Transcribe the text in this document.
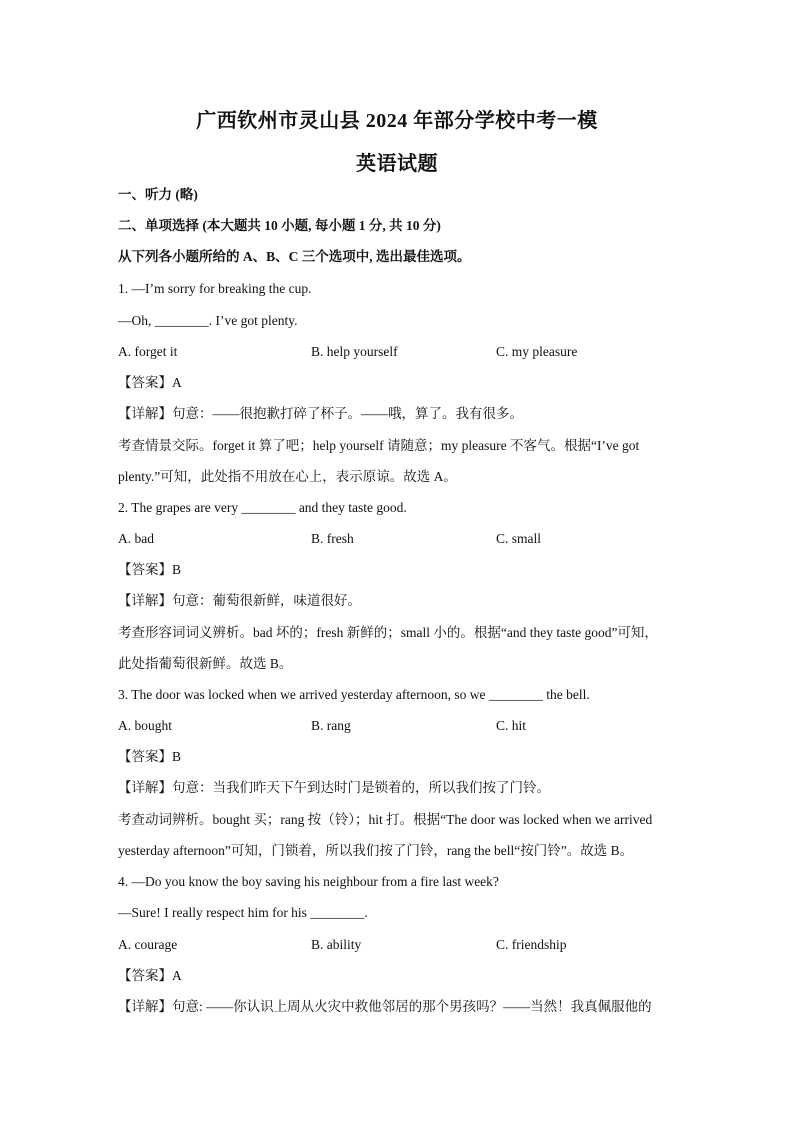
广西钦州市灵山县 2024 年部分学校中考一模
英语试题
一、听力 (略)
二、单项选择 (本大题共 10 小题, 每小题 1 分, 共 10 分)
从下列各小题所给的 A、B、C 三个选项中, 选出最佳选项。
1. —I’m sorry for breaking the cup.
—Oh, ________. I’ve got plenty.
A. forget it	B. help yourself	C. my pleasure
【答案】A
【详解】句意：——很抱歉打碎了杯子。——哦，算了。我有很多。
考查情景交际。forget it 算了吧；help yourself 请随意；my pleasure 不客气。根据“I’ve got
plenty.”可知，此处指不用放在心上，表示原谅。故选 A。
2. The grapes are very ________ and they taste good.
A. bad	B. fresh	C. small
【答案】B
【详解】句意：葡萄很新鲜，味道很好。
考查形容词词义辨析。bad 坏的；fresh 新鲜的；small 小的。根据“and they taste good”可知，
此处指葡萄很新鲜。故选 B。
3. The door was locked when we arrived yesterday afternoon, so we ________ the bell.
A. bought	B. rang	C. hit
【答案】B
【详解】句意：当我们昨天下午到达时门是锁着的，所以我们按了门铃。
考查动词辨析。bought 买；rang 按（铃）；hit 打。根据“The door was locked when we arrived
yesterday afternoon”可知，门锁着，所以我们按了门铃，rang the bell“按门铃”。故选 B。
4. —Do you know the boy saving his neighbour from a fire last week?
—Sure! I really respect him for his ________.
A. courage	B. ability	C. friendship
【答案】A
【详解】句意: ——你认识上周从火灾中救他邻居的那个男孩吗？——当然！我真佩服他的
